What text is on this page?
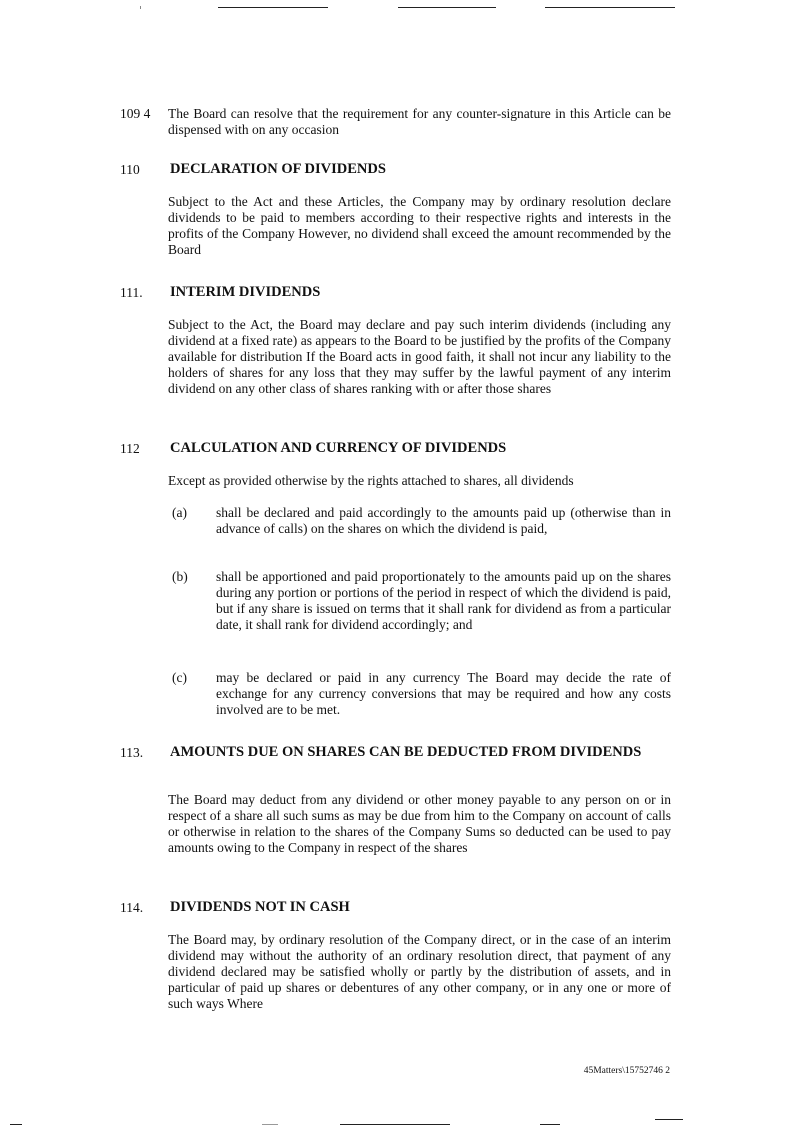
109 4 The Board can resolve that the requirement for any counter-signature in this Article can be dispensed with on any occasion
110 DECLARATION OF DIVIDENDS
Subject to the Act and these Articles, the Company may by ordinary resolution declare dividends to be paid to members according to their respective rights and interests in the profits of the Company However, no dividend shall exceed the amount recommended by the Board
111. INTERIM DIVIDENDS
Subject to the Act, the Board may declare and pay such interim dividends (including any dividend at a fixed rate) as appears to the Board to be justified by the profits of the Company available for distribution If the Board acts in good faith, it shall not incur any liability to the holders of shares for any loss that they may suffer by the lawful payment of any interim dividend on any other class of shares ranking with or after those shares
112 CALCULATION AND CURRENCY OF DIVIDENDS
Except as provided otherwise by the rights attached to shares, all dividends
(a) shall be declared and paid accordingly to the amounts paid up (otherwise than in advance of calls) on the shares on which the dividend is paid,
(b) shall be apportioned and paid proportionately to the amounts paid up on the shares during any portion or portions of the period in respect of which the dividend is paid, but if any share is issued on terms that it shall rank for dividend as from a particular date, it shall rank for dividend accordingly; and
(c) may be declared or paid in any currency The Board may decide the rate of exchange for any currency conversions that may be required and how any costs involved are to be met.
113. AMOUNTS DUE ON SHARES CAN BE DEDUCTED FROM DIVIDENDS
The Board may deduct from any dividend or other money payable to any person on or in respect of a share all such sums as may be due from him to the Company on account of calls or otherwise in relation to the shares of the Company Sums so deducted can be used to pay amounts owing to the Company in respect of the shares
114. DIVIDENDS NOT IN CASH
The Board may, by ordinary resolution of the Company direct, or in the case of an interim dividend may without the authority of an ordinary resolution direct, that payment of any dividend declared may be satisfied wholly or partly by the distribution of assets, and in particular of paid up shares or debentures of any other company, or in any one or more of such ways Where
45Matters\15752746 2
